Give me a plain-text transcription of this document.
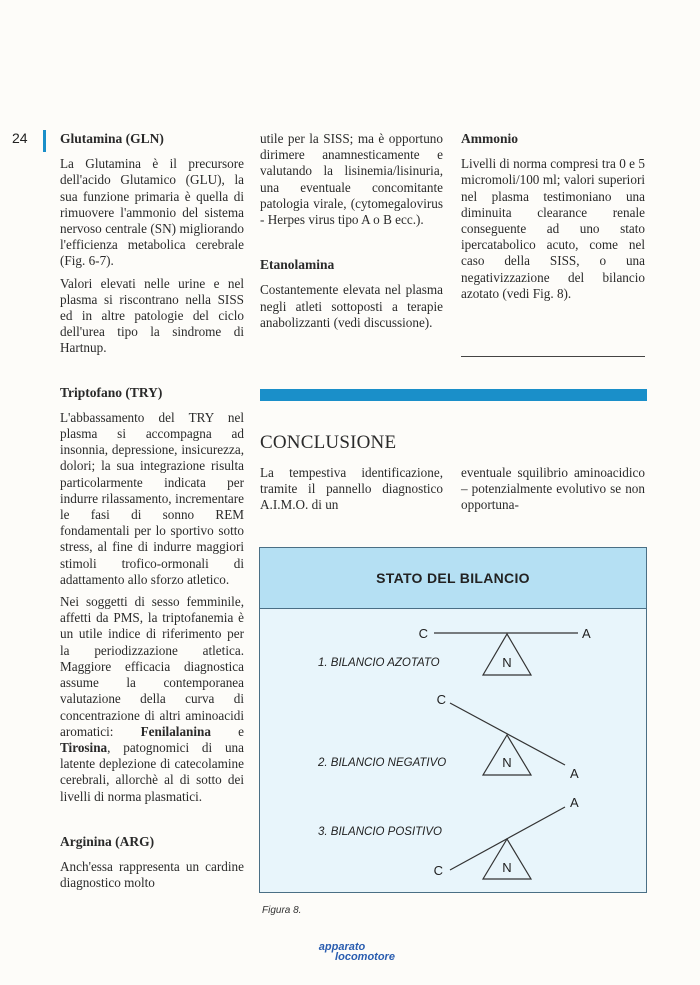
24 Glutamina (GLN)

La Glutamina è il precursore dell'acido Glutamico (GLU), la sua funzione primaria è quella di rimuovere l'ammonio del sistema nervoso centrale (SN) migliorando l'efficienza metabolica cerebrale (Fig. 6-7).

Valori elevati nelle urine e nel plasma si riscontrano nella SISS ed in altre patologie del ciclo dell'urea tipo la sindrome di Hartnup.

Triptofano (TRY)

L'abbassamento del TRY nel plasma si accompagna ad insonnia, depressione, insicurezza, dolori; la sua integrazione risulta particolarmente indicata per indurre rilassamento, incrementare le fasi di sonno REM fondamentali per lo sportivo sotto stress, al fine di indurre maggiori stimoli trofico-ormonali di adattamento allo sforzo atletico.

Nei soggetti di sesso femminile, affetti da PMS, la triptofanemia è un utile indice di riferimento per la periodizzazione atletica. Maggiore efficacia diagnostica assume la contemporanea valutazione della curva di concentrazione di altri aminoacidi aromatici: Fenilalanina e Tirosina, patognomici di una latente deplezione di catecolamine cerebrali, allorchè al di sotto dei livelli di norma plasmatici.

Arginina (ARG)

Anch'essa rappresenta un cardine diagnostico molto

utile per la SISS; ma è opportuno dirimere anamnesticamente e valutando la lisinemia/lisinuria, una eventuale concomitante patologia virale, (cytomegalovirus - Herpes virus tipo A o B ecc.).

Etanolamina

Costantemente elevata nel plasma negli atleti sottoposti a terapie anabolizzanti (vedi discussione).

Ammonio

Livelli di norma compresi tra 0 e 5 micromoli/100 ml; valori superiori nel plasma testimoniano una diminuita clearance renale conseguente ad uno stato ipercatabolico acuto, come nel caso della SISS, o una negativizzazione del bilancio azotato (vedi Fig. 8).

CONCLUSIONE

La tempestiva identificazione, tramite il pannello diagnostico A.I.M.O. di un

eventuale squilibrio aminoacidico – potenzialmente evolutivo se non opportuna-

STATO DEL BILANCIO
N
C	A
1. BILANCIO AZOTATO
N
C
A
2. BILANCIO NEGATIVO
N
C
A
3. BILANCIO POSITIVO
Figura 8.
apparato
locomotore
